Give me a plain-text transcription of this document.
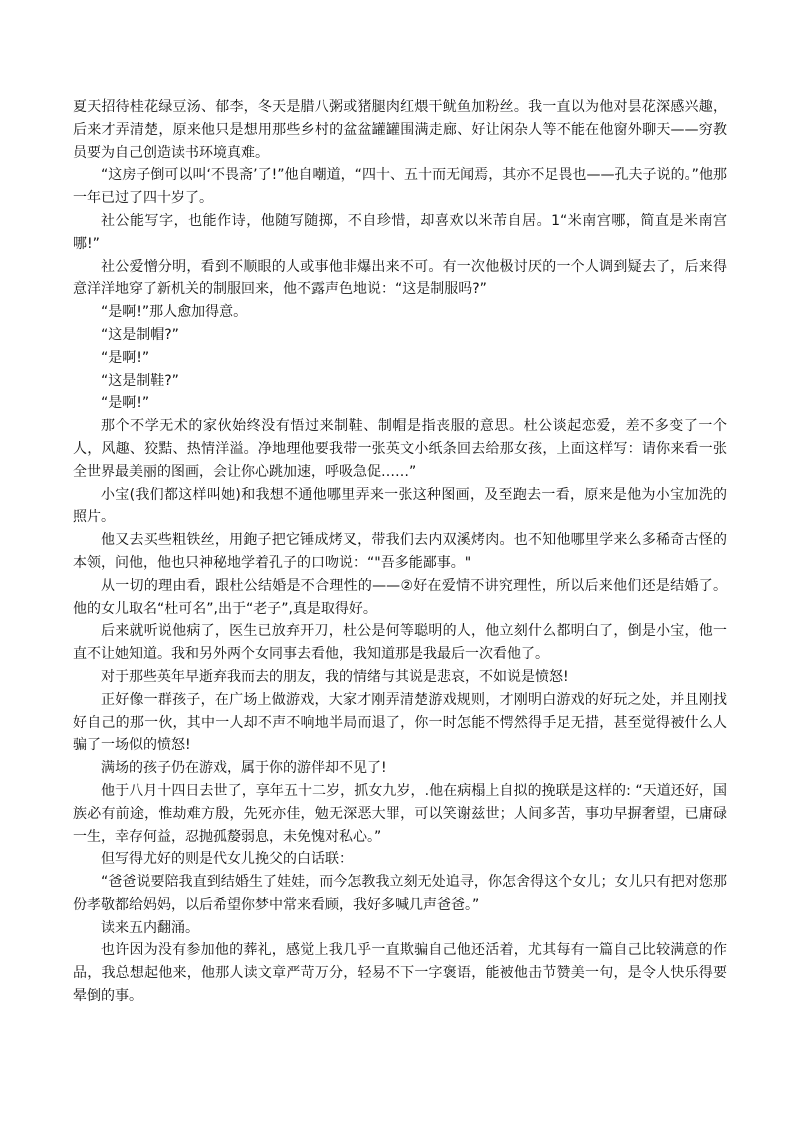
夏天招待桂花绿豆汤、郁李，冬天是腊八粥或猪腿肉红煨干鱿鱼加粉丝。我一直以为他对昙花深感兴趣，后来才弄清楚，原来他只是想用那些乡村的盆盆罐罐围满走廊、好让闲杂人等不能在他窗外聊天——穷教员要为自己创造读书环境真难。

“这房子倒可以叫‘不畏斋’了!”他自嘲道，“四十、五十而无闻焉，其亦不足畏也——孔夫子说的。”他那一年已过了四十岁了。

社公能写字，也能作诗，他随写随掷，不自珍惜，却喜欢以米芾自居。1“米南宫哪，简直是米南宫哪!”

社公爱憎分明，看到不顺眼的人或事他非爆出来不可。有一次他极讨厌的一个人调到疑去了，后来得意洋洋地穿了新机关的制服回来，他不露声色地说：“这是制服吗?”

“是啊!”那人愈加得意。

“这是制帽?”

“是啊!”

“这是制鞋?”

“是啊!”

那个不学无术的家伙始终没有悟过来制鞋、制帽是指丧服的意思。杜公谈起恋爱，差不多变了一个人，风趣、狡黠、热情洋溢。净地理他要我带一张英文小纸条回去给那女孩，上面这样写：请你来看一张全世界最美丽的图画，会让你心跳加速，呼吸急促……”

小宝(我们都这样叫她)和我想不通他哪里弄来一张这种图画，及至跑去一看，原来是他为小宝加洗的照片。

他又去买些粗铁丝，用鉋子把它锤成烤叉，带我们去内双溪烤肉。也不知他哪里学来么多稀奇古怪的本领，问他，他也只神秘地学着孔子的口吻说：“"吾多能鄙事。"

从一切的理由看，跟杜公结婚是不合理性的——②好在爱情不讲究理性，所以后来他们还是结婚了。他的女儿取名“杜可名”,出于“老子”,真是取得好。

后来就听说他病了，医生已放弃开刀，杜公是何等聪明的人，他立刻什么都明白了，倒是小宝，他一直不让她知道。我和另外两个女同事去看他，我知道那是我最后一次看他了。

对于那些英年早逝弃我而去的朋友，我的情绪与其说是悲哀，不如说是愤怒!

正好像一群孩子，在广场上做游戏，大家才刚弄清楚游戏规则，才刚明白游戏的好玩之处，并且刚找好自己的那一伙，其中一人却不声不响地半局而退了，你一时怎能不愕然得手足无措，甚至觉得被什么人骗了一场似的愤怒!

满场的孩子仍在游戏，属于你的游伴却不见了!

他于八月十四日去世了，享年五十二岁，抓女九岁，.他在病榻上自拟的挽联是这样的: “天道还好，国族必有前途，惟劫难方殷，先死亦佳，勉无深恶大罪，可以笑谢兹世；人间多苦，事功早摒奢望，已庸碌一生，幸存何益，忍抛孤嫠弱息，未免愧对私心。”

但写得尤好的则是代女儿挽父的白话联：

“爸爸说要陪我直到结婚生了娃娃，而今怎教我立刻无处追寻，你怎舍得这个女儿；女儿只有把对您那份孝敬都给妈妈，以后希望你梦中常来看顾，我好多喊几声爸爸。”

读来五内翻涌。

也许因为没有参加他的葬礼，感觉上我几乎一直欺骗自己他还活着，尤其每有一篇自己比较满意的作品，我总想起他来，他那人读文章严苛万分，轻易不下一字褒语，能被他击节赞美一句，是令人快乐得要晕倒的事。
